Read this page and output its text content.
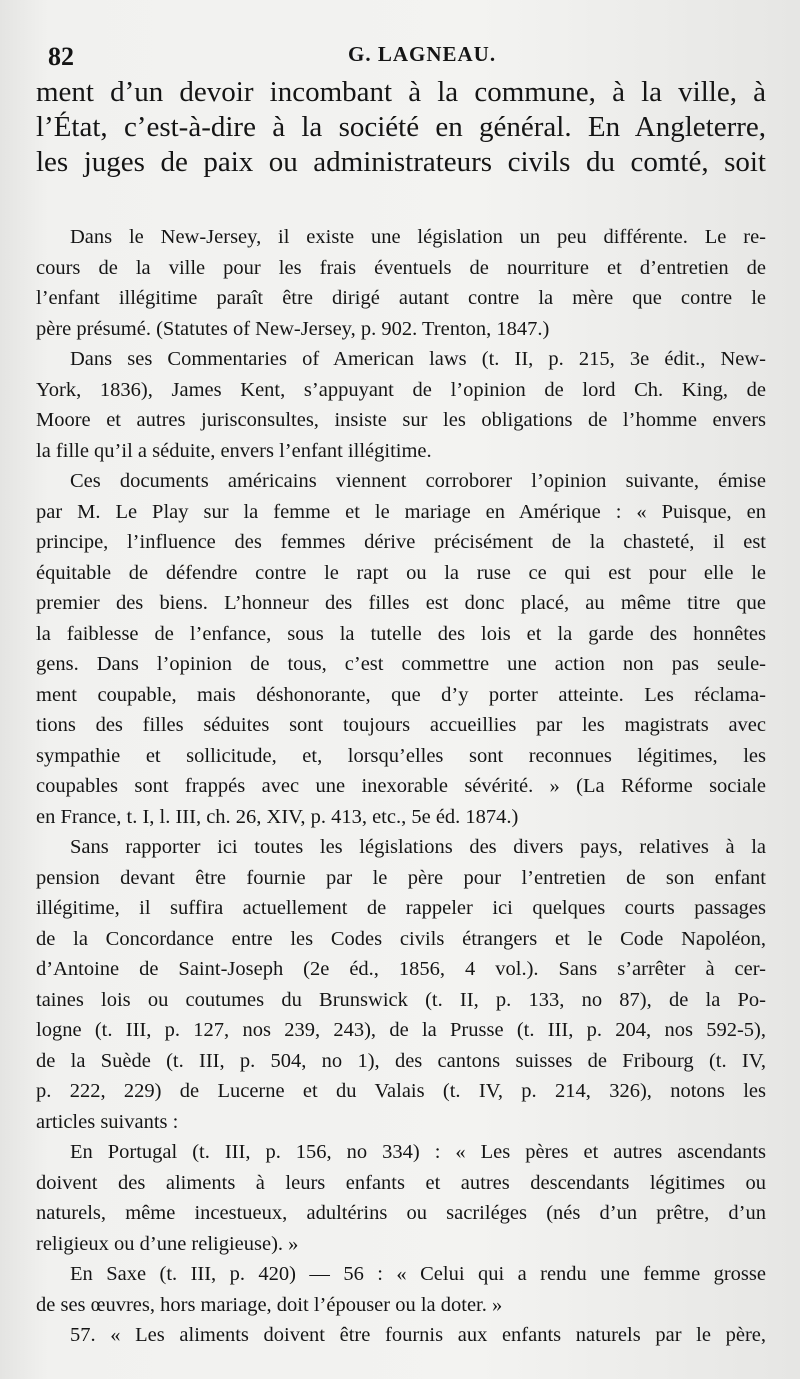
82	G. LAGNEAU.
ment d’un devoir incombant à la commune, à la ville, à
l’État, c’est-à-dire à la société en général. En Angleterre,
les juges de paix ou administrateurs civils du comté, soit
Dans le New-Jersey, il existe une législation un peu différente. Le re-
cours de la ville pour les frais éventuels de nourriture et d’entretien de
l’enfant illégitime paraît être dirigé autant contre la mère que contre le
père présumé. (Statutes of New-Jersey, p. 902. Trenton, 1847.)
Dans ses Commentaries of American laws (t. II, p. 215, 3e édit., New-
York, 1836), James Kent, s’appuyant de l’opinion de lord Ch. King, de
Moore et autres jurisconsultes, insiste sur les obligations de l’homme envers
la fille qu’il a séduite, envers l’enfant illégitime.
Ces documents américains viennent corroborer l’opinion suivante, émise
par M. Le Play sur la femme et le mariage en Amérique : « Puisque, en
principe, l’influence des femmes dérive précisément de la chasteté, il est
équitable de défendre contre le rapt ou la ruse ce qui est pour elle le
premier des biens. L’honneur des filles est donc placé, au même titre que
la faiblesse de l’enfance, sous la tutelle des lois et la garde des honnêtes
gens. Dans l’opinion de tous, c’est commettre une action non pas seule-
ment coupable, mais déshonorante, que d’y porter atteinte. Les réclama-
tions des filles séduites sont toujours accueillies par les magistrats avec
sympathie et sollicitude, et, lorsqu’elles sont reconnues légitimes, les
coupables sont frappés avec une inexorable sévérité. » (La Réforme sociale
en France, t. I, l. III, ch. 26, XIV, p. 413, etc., 5e éd. 1874.)
Sans rapporter ici toutes les législations des divers pays, relatives à la
pension devant être fournie par le père pour l’entretien de son enfant
illégitime, il suffira actuellement de rappeler ici quelques courts passages
de la Concordance entre les Codes civils étrangers et le Code Napoléon,
d’Antoine de Saint-Joseph (2e éd., 1856, 4 vol.). Sans s’arrêter à cer-
taines lois ou coutumes du Brunswick (t. II, p. 133, no 87), de la Po-
logne (t. III, p. 127, nos 239, 243), de la Prusse (t. III, p. 204, nos 592-5),
de la Suède (t. III, p. 504, no 1), des cantons suisses de Fribourg (t. IV,
p. 222, 229) de Lucerne et du Valais (t. IV, p. 214, 326), notons les
articles suivants :
En Portugal (t. III, p. 156, no 334) : « Les pères et autres ascendants
doivent des aliments à leurs enfants et autres descendants légitimes ou
naturels, même incestueux, adultérins ou sacriléges (nés d’un prêtre, d’un
religieux ou d’une religieuse). »
En Saxe (t. III, p. 420) — 56 : « Celui qui a rendu une femme grosse
de ses œuvres, hors mariage, doit l’épouser ou la doter. »
57. « Les aliments doivent être fournis aux enfants naturels par le père,
